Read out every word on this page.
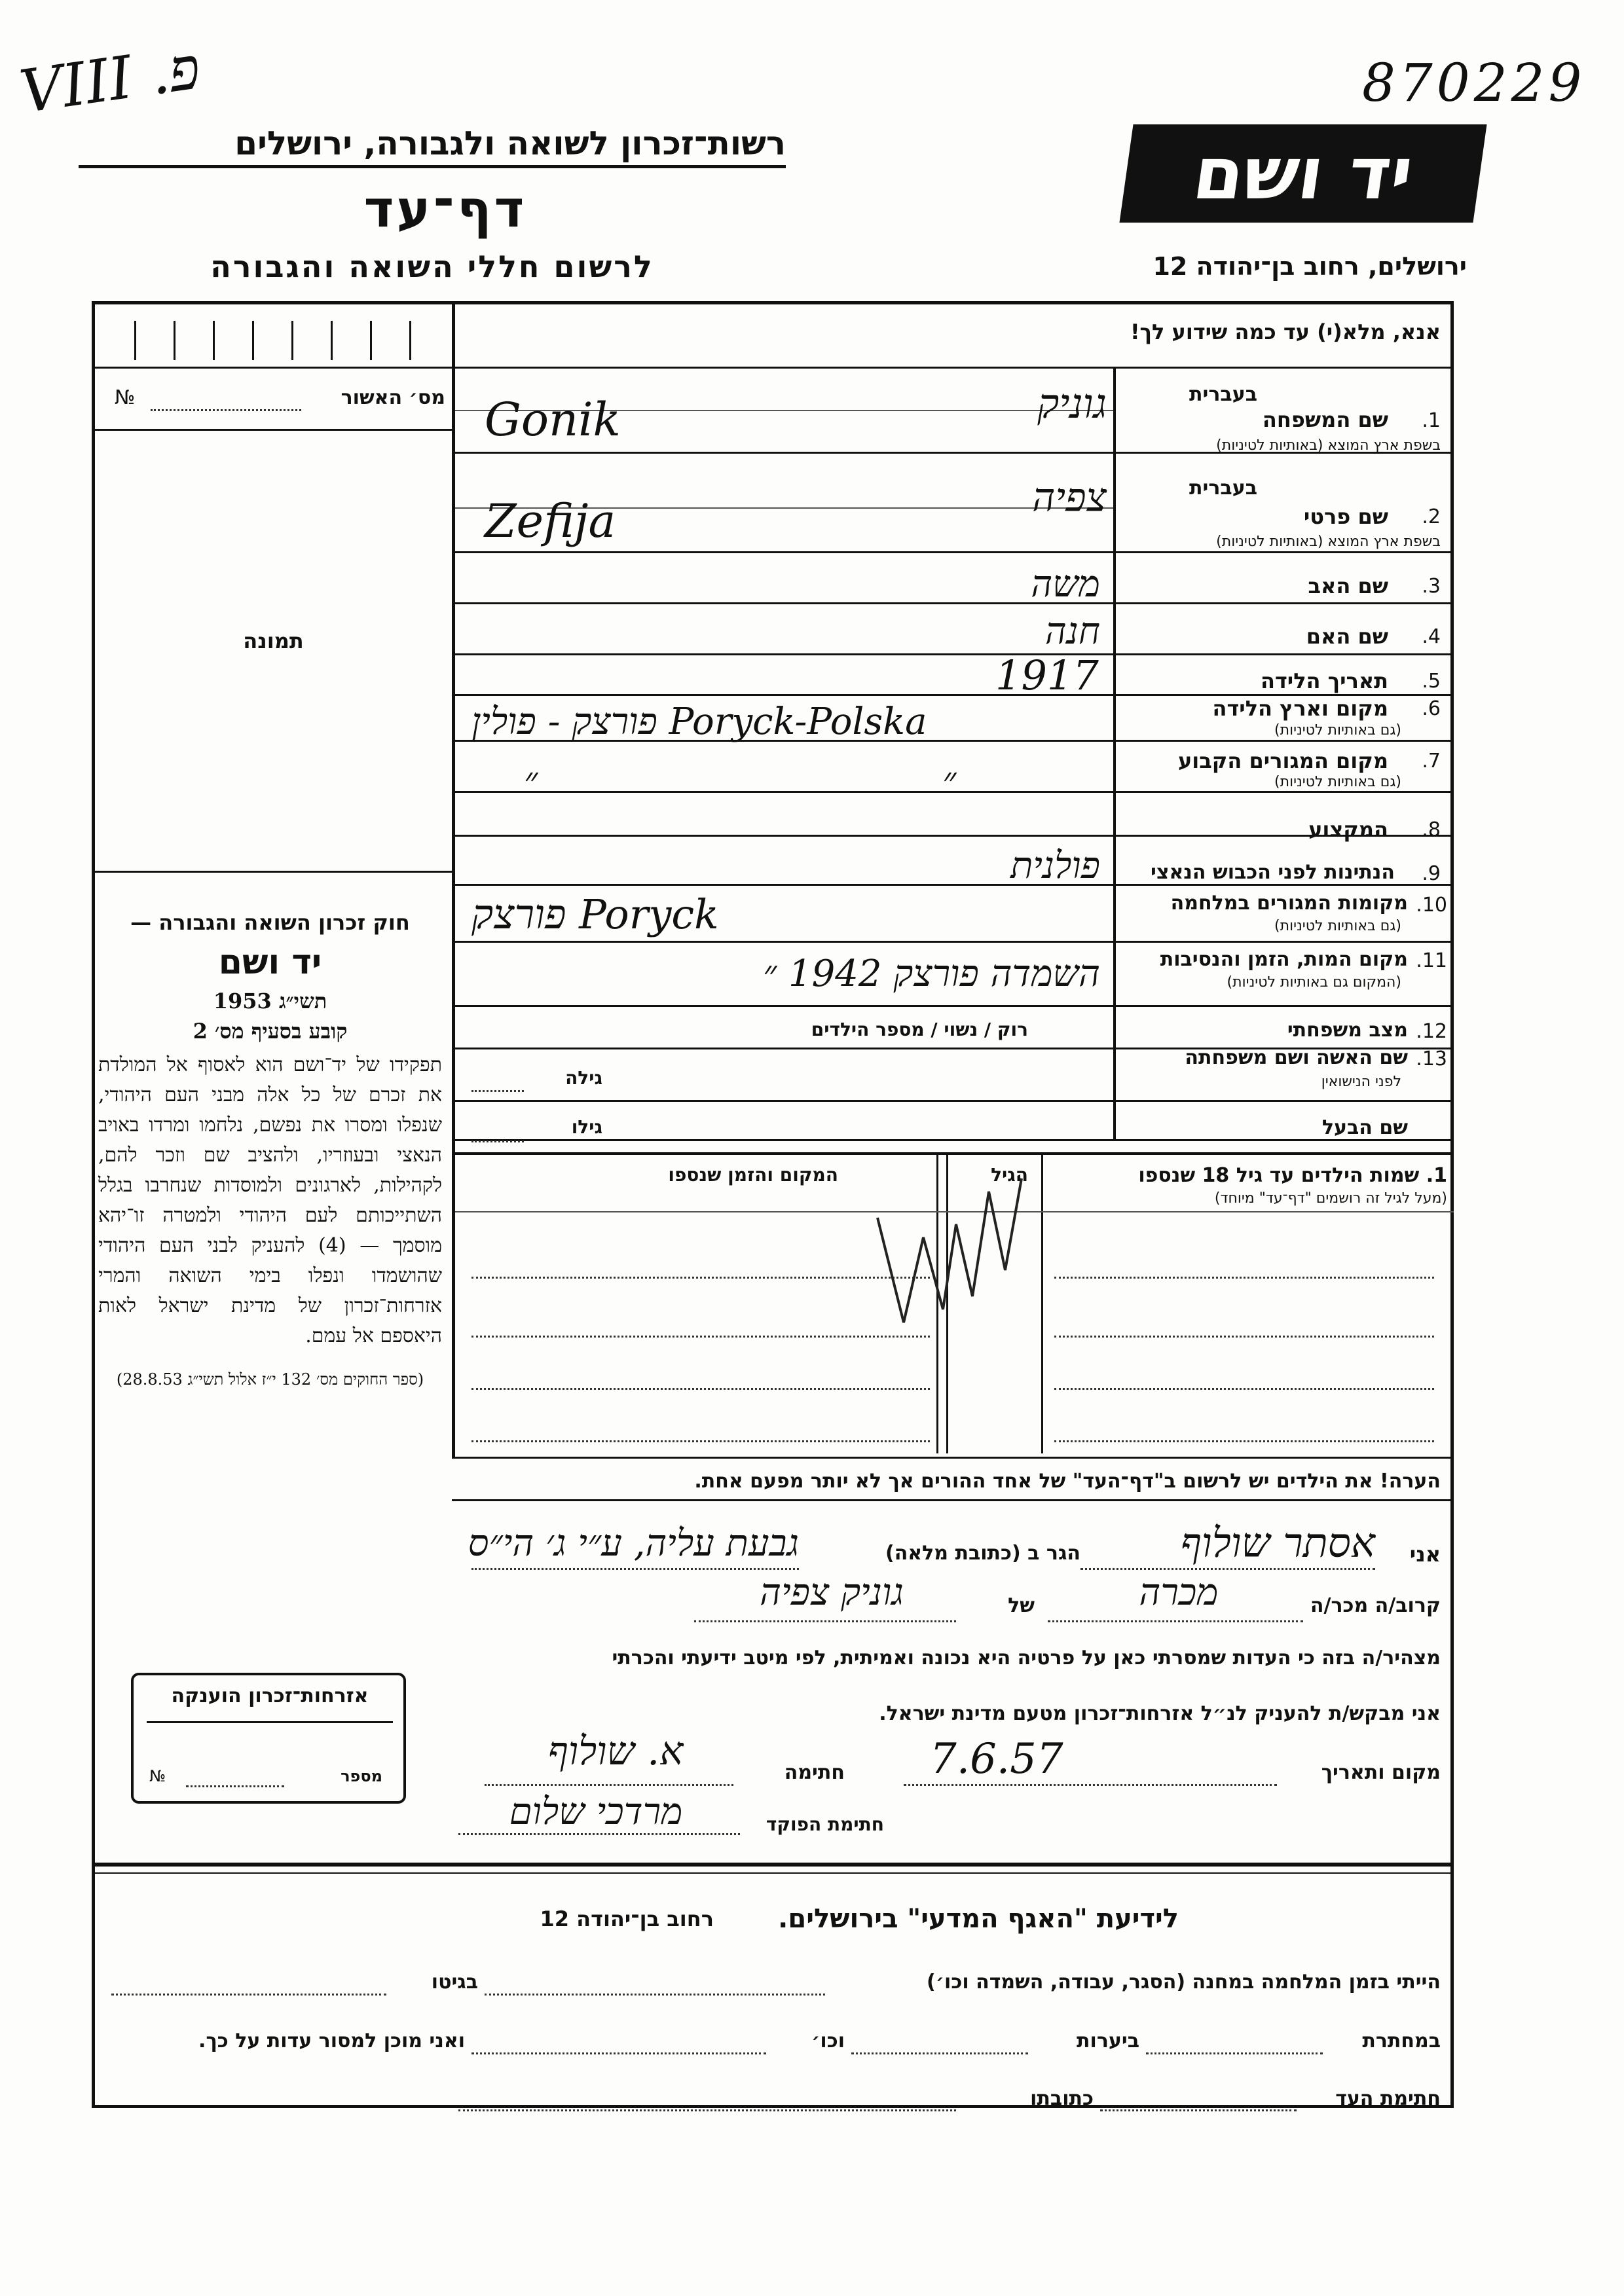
VIII .פ	870229
רשות־זכרון לשואה ולגבורה, ירושלים
דף־עד
לרשום חללי השואה והגבורה
יד ושם
ירושלים, רחוב בן־יהודה 12
אנא, מלא(י) עד כמה שידוע לך!
מס׳ האשור
№
תמונה
חוק זכרון השואה והגבורה —
יד ושם
תשי״ג 1953
קובע בסעיף מס׳ 2
תפקידו של יד־ושם הוא לאסוף אל המולדת את זכרם של כל אלה מבני העם היהודי, שנפלו ומסרו את נפשם, נלחמו ומרדו באויב הנאצי ובעוזריו, ולהציב שם וזכר להם, לקהילות, לארגונים ולמוסדות שנחרבו בגלל השתייכותם לעם היהודי ולמטרה זו־יהא מוסמך — (4) להעניק לבני העם היהודי שהושמדו ונפלו בימי השואה והמרי אזרחות־זכרון של מדינת ישראל לאות היאספם אל עמם.
(ספר החוקים מס׳ 132 י״ז אלול תשי״ג 28.8.53)
בעברית
1.
שם המשפחה
בשפת ארץ המוצא (באותיות לטיניות)
גוניק
Gonik
בעברית
2.
שם פרטי
בשפת ארץ המוצא (באותיות לטיניות)
צפיה
Zefija
3.
שם האב
משה
4.
שם האם
חנה
5.
תאריך הלידה
1917
6.
מקום וארץ הלידה
(גם באותיות לטיניות)
פורצק - פולין Poryck-Polska
7.
מקום המגורים הקבוע
(גם באותיות לטיניות)
״ ״
8.
המקצוע
9.
הנתינות לפני הכבוש הנאצי
פולנית
10.
מקומות המגורים במלחמה
(גם באותיות לטיניות)
פורצק Poryck
11.
מקום המות, הזמן והנסיבות
(המקום גם באותיות לטיניות)
השמדה פורצק 1942 ״
12.
מצב משפחתי
רוק / נשוי / מספר הילדים
13.
שם האשה ושם משפחתה
לפני הנישואין
גילה
שם הבעל
גילו
1. שמות הילדים עד גיל 18 שנספו
(מעל לגיל זה רושמים "דף־עד" מיוחד)
הגיל
המקום והזמן שנספו
הערה! את הילדים יש לרשום ב"דף־העד" של אחד ההורים אך לא יותר מפעם אחת.
אני
אסתר שולוף
הגר ב (כתובת מלאה)
גבעת עליה, ע״י ג׳ הי״ס
קרוב/ה מכר/ה
מכרה
של
גוניק צפיה
מצהיר/ה בזה כי העדות שמסרתי כאן על פרטיה היא נכונה ואמיתית, לפי מיטב ידיעתי והכרתי
אני מבקש/ת להעניק לנ״ל אזרחות־זכרון מטעם מדינת ישראל.
מקום ותאריך
7.6.57
חתימה
א. שולוף
חתימת הפוקד
מרדכי שלום
אזרחות־זכרון הוענקה
מספר
№
לידיעת "האגף המדעי" בירושלים.
רחוב בן־יהודה 12
הייתי בזמן המלחמה במחנה (הסגר, עבודה, השמדה וכו׳)
בגיטו
במחתרת
ביערות
וכו׳
ואני מוכן למסור עדות על כך.
חתימת העד
כתובתו
